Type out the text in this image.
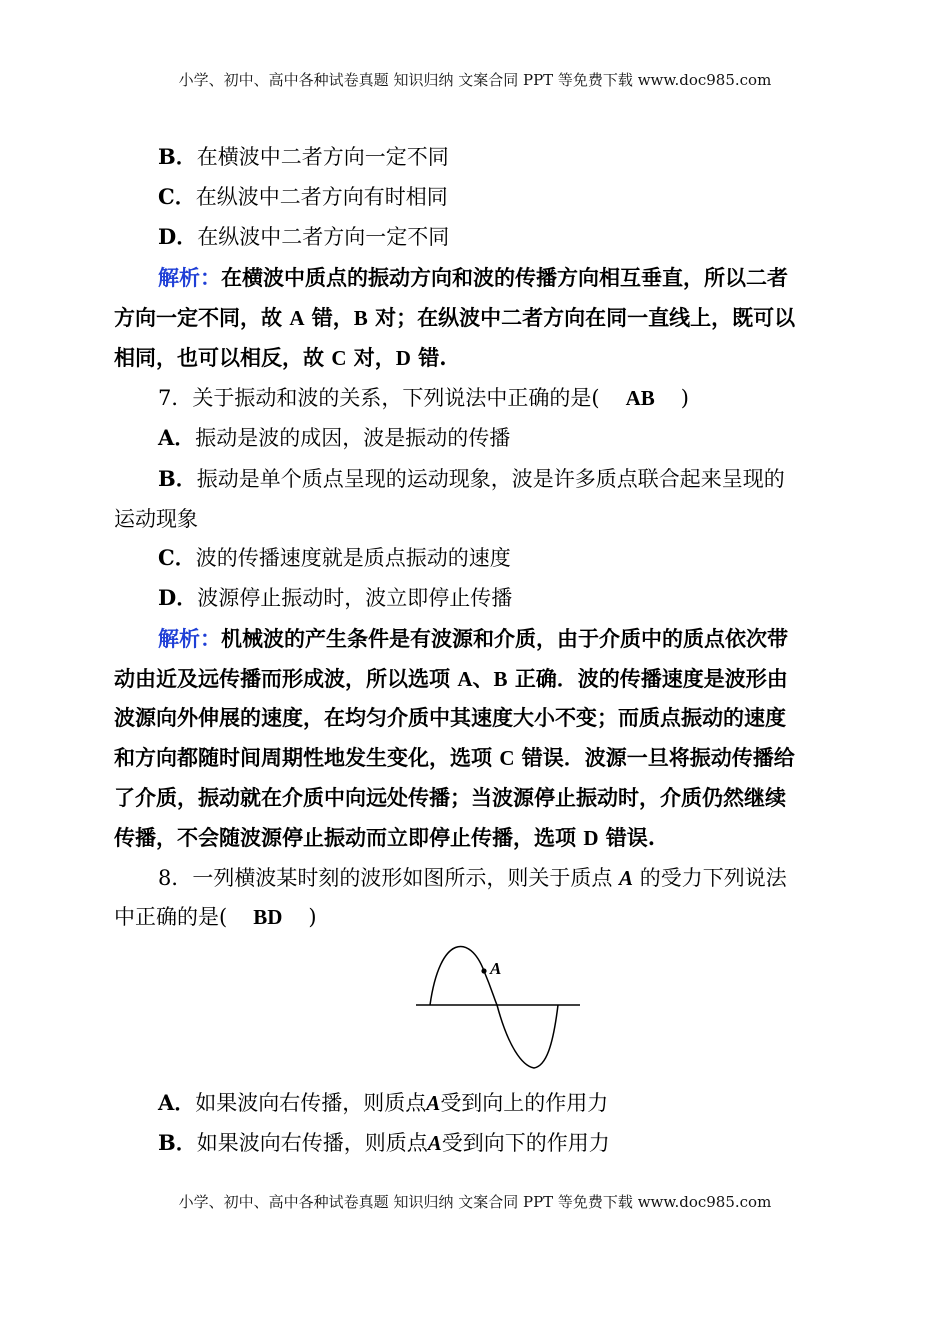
小学、初中、高中各种试卷真题 知识归纳 文案合同 PPT 等免费下载 www.doc985.com
B．在横波中二者方向一定不同
C．在纵波中二者方向有时相同
D．在纵波中二者方向一定不同
解析：在横波中质点的振动方向和波的传播方向相互垂直，所以二者
方向一定不同，故 A 错，B 对；在纵波中二者方向在同一直线上，既可以
相同，也可以相反，故 C 对，D 错.
7．关于振动和波的关系，下列说法中正确的是( AB )
A．振动是波的成因，波是振动的传播
B．振动是单个质点呈现的运动现象，波是许多质点联合起来呈现的
运动现象
C．波的传播速度就是质点振动的速度
D．波源停止振动时，波立即停止传播
解析：机械波的产生条件是有波源和介质，由于介质中的质点依次带
动由近及远传播而形成波，所以选项 A、B 正确．波的传播速度是波形由
波源向外伸展的速度，在均匀介质中其速度大小不变；而质点振动的速度
和方向都随时间周期性地发生变化，选项 C 错误．波源一旦将振动传播给
了介质，振动就在介质中向远处传播；当波源停止振动时，介质仍然继续
传播，不会随波源停止振动而立即停止传播，选项 D 错误.
8．一列横波某时刻的波形如图所示，则关于质点 A 的受力下列说法
中正确的是( BD )
A
A．如果波向右传播，则质点A受到向上的作用力
B．如果波向右传播，则质点A受到向下的作用力
小学、初中、高中各种试卷真题 知识归纳 文案合同 PPT 等免费下载 www.doc985.com
